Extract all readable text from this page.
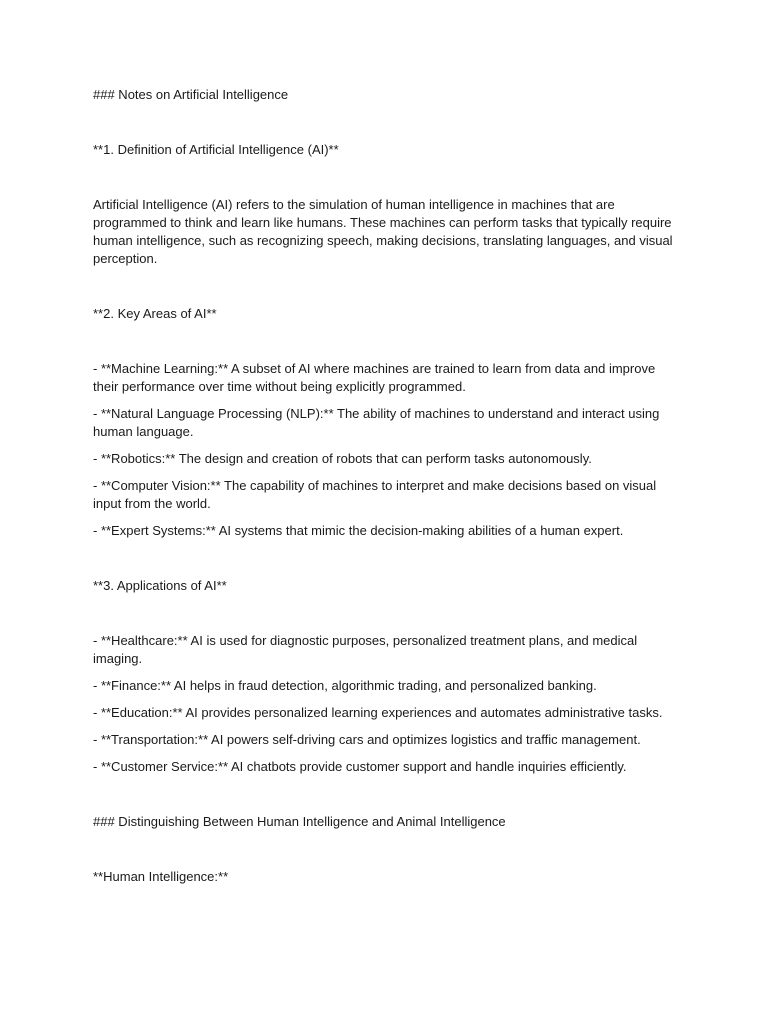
### Notes on Artificial Intelligence

**1. Definition of Artificial Intelligence (AI)**

Artificial Intelligence (AI) refers to the simulation of human intelligence in machines that are programmed to think and learn like humans. These machines can perform tasks that typically require human intelligence, such as recognizing speech, making decisions, translating languages, and visual perception.

**2. Key Areas of AI**

- **Machine Learning:** A subset of AI where machines are trained to learn from data and improve their performance over time without being explicitly programmed.

- **Natural Language Processing (NLP):** The ability of machines to understand and interact using human language.

- **Robotics:** The design and creation of robots that can perform tasks autonomously.

- **Computer Vision:** The capability of machines to interpret and make decisions based on visual input from the world.

- **Expert Systems:** AI systems that mimic the decision-making abilities of a human expert.

**3. Applications of AI**

- **Healthcare:** AI is used for diagnostic purposes, personalized treatment plans, and medical imaging.

- **Finance:** AI helps in fraud detection, algorithmic trading, and personalized banking.

- **Education:** AI provides personalized learning experiences and automates administrative tasks.

- **Transportation:** AI powers self-driving cars and optimizes logistics and traffic management.

- **Customer Service:** AI chatbots provide customer support and handle inquiries efficiently.

### Distinguishing Between Human Intelligence and Animal Intelligence

**Human Intelligence:**
